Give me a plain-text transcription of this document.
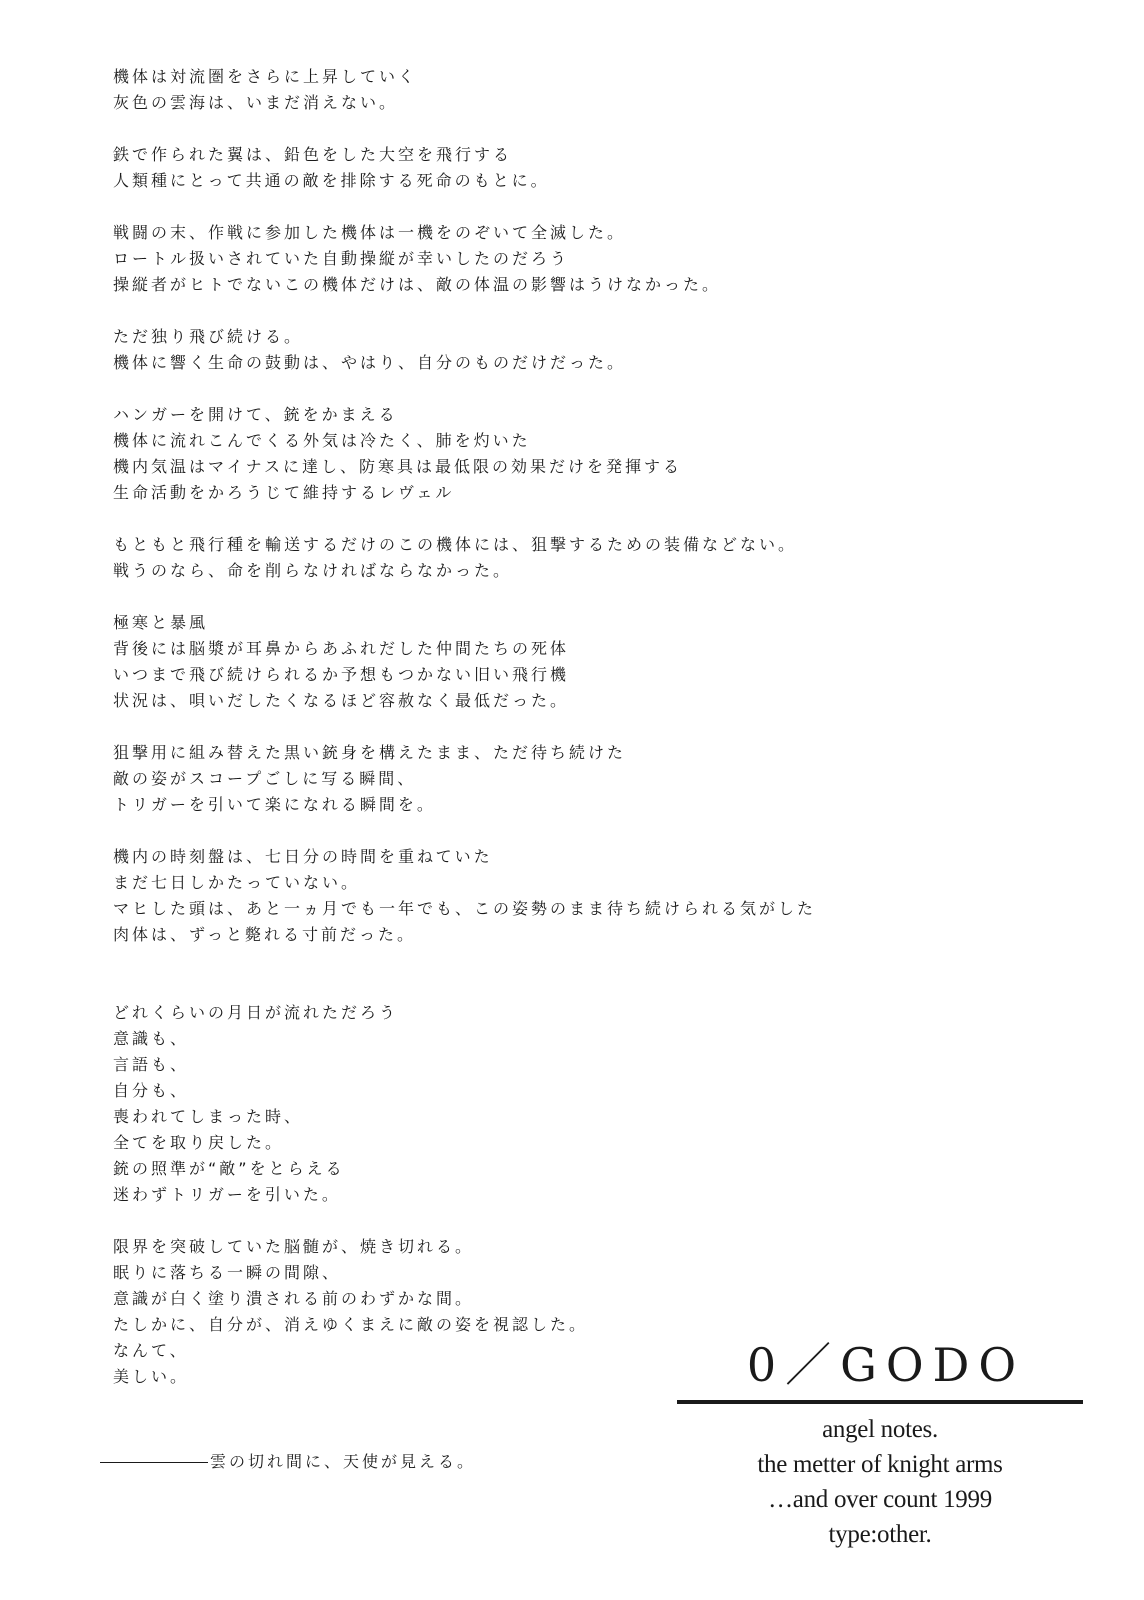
機体は対流圏をさらに上昇していく
灰色の雲海は、いまだ消えない。
鉄で作られた翼は、鉛色をした大空を飛行する
人類種にとって共通の敵を排除する死命のもとに。
戦闘の末、作戦に参加した機体は一機をのぞいて全滅した。
ロートル扱いされていた自動操縦が幸いしたのだろう
操縦者がヒトでないこの機体だけは、敵の体温の影響はうけなかった。
ただ独り飛び続ける。
機体に響く生命の鼓動は、やはり、自分のものだけだった。
ハンガーを開けて、銃をかまえる
機体に流れこんでくる外気は冷たく、肺を灼いた
機内気温はマイナスに達し、防寒具は最低限の効果だけを発揮する
生命活動をかろうじて維持するレヴェル
もともと飛行種を輸送するだけのこの機体には、狙撃するための装備などない。
戦うのなら、命を削らなければならなかった。
極寒と暴風
背後には脳漿が耳鼻からあふれだした仲間たちの死体
いつまで飛び続けられるか予想もつかない旧い飛行機
状況は、唄いだしたくなるほど容赦なく最低だった。
狙撃用に組み替えた黒い銃身を構えたまま、ただ待ち続けた
敵の姿がスコープごしに写る瞬間、
トリガーを引いて楽になれる瞬間を。
機内の時刻盤は、七日分の時間を重ねていた
まだ七日しかたっていない。
マヒした頭は、あと一ヵ月でも一年でも、この姿勢のまま待ち続けられる気がした
肉体は、ずっと斃れる寸前だった。
どれくらいの月日が流れただろう
意識も、
言語も、
自分も、
喪われてしまった時、
全てを取り戻した。
銃の照準が“敵”をとらえる
迷わずトリガーを引いた。
限界を突破していた脳髄が、焼き切れる。
眠りに落ちる一瞬の間隙、
意識が白く塗り潰される前のわずかな間。
たしかに、自分が、消えゆくまえに敵の姿を視認した。
なんて、
美しい。
雲の切れ間に、天使が見える。
0／GODO
angel notes.
the metter of knight arms
…and over count 1999
type:other.
